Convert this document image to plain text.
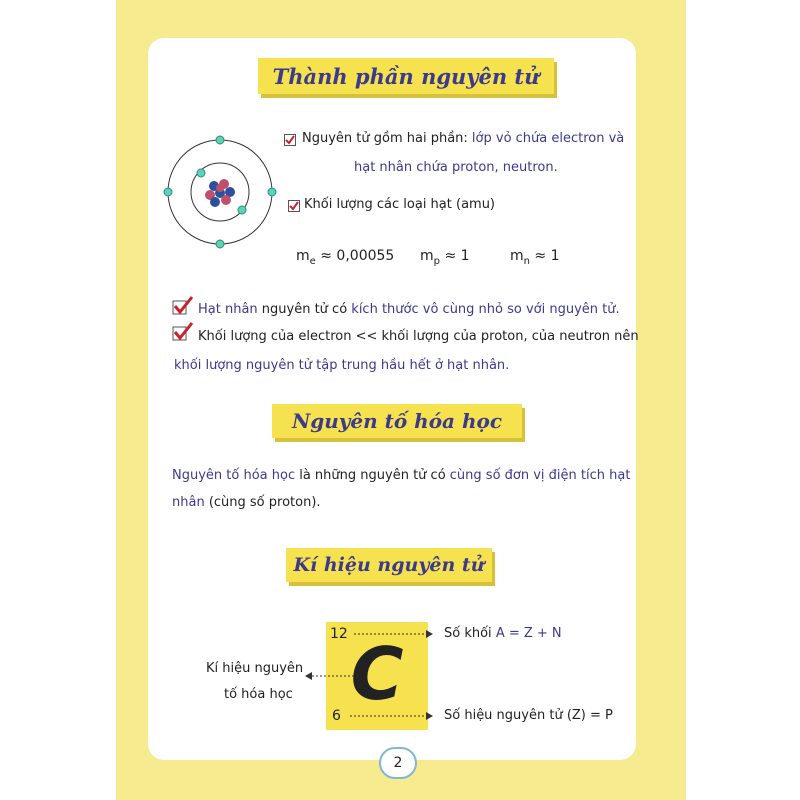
Thành phần nguyên tử
Nguyên tử gồm hai phần: lớp vỏ chứa electron và
hạt nhân chứa proton, neutron.
Khối lượng các loại hạt (amu)
$m_e \approx 0,00055$ $m_p \approx 1$	$m_n \approx 1$
Hạt nhân nguyên tử có kích thước vô cùng nhỏ so với nguyên tử.
Khối lượng của electron << khối lượng của proton, của neutron nên
khối lượng nguyên tử tập trung hầu hết ở hạt nhân.
Nguyên tố hóa học
Nguyên tố hóa học là những nguyên tử có cùng số đơn vị điện tích hạt
nhân (cùng số proton).
Kí hiệu nguyên tử
12
6 C	Số khối A = Z + N
Số hiệu nguyên tử (Z) = P
Kí hiệu nguyên
tố hóa học
2
